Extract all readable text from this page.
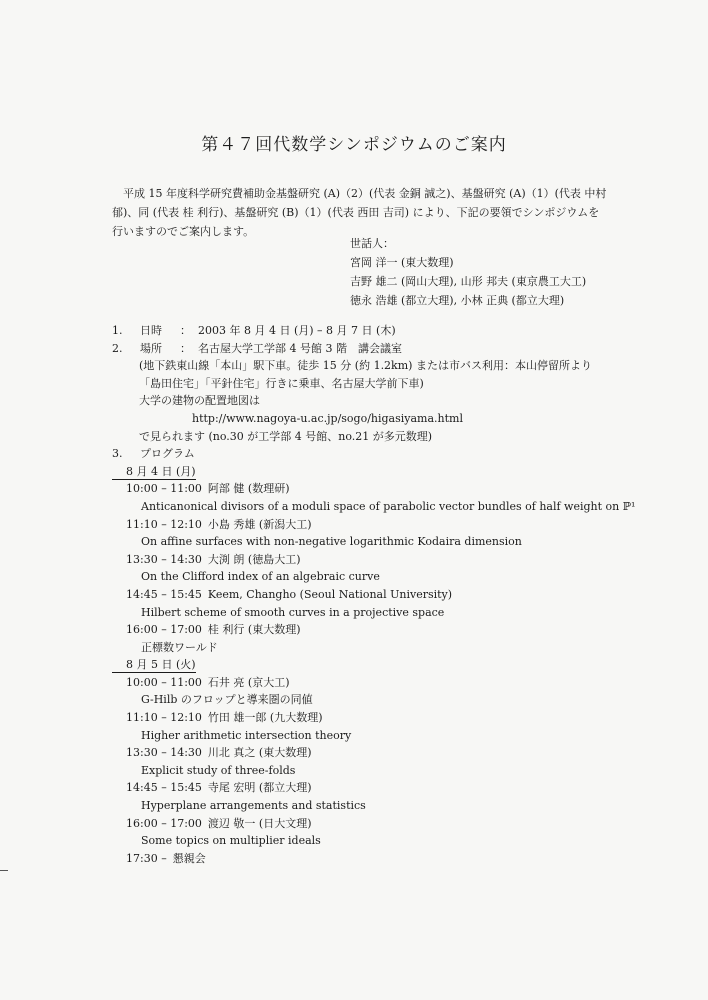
第４７回代数学シンポジウムのご案内

平成 15 年度科学研究費補助金基盤研究 (A)（2）(代表 金銅 誠之)、基盤研究 (A)（1）(代表 中村 郁)、同 (代表 桂 利行)、基盤研究 (B)（1）(代表 西田 吉司) により、下記の要領でシンポジウムを行いますのでご案内します。

世話人：
宮岡 洋一 (東大数理)
吉野 雄二 (岡山大理), 山形 邦夫 (東京農工大工)
徳永 浩雄 (都立大理), 小林 正典 (都立大理)
1.	日時	： 2003 年 8 月 4 日 (月) – 8 月 7 日 (木)
2.	場所	： 名古屋大学工学部 4 号館 3 階　講会議室
(地下鉄東山線「本山」駅下車。徒歩 15 分 (約 1.2km) または市バス利用：本山停留所より
「島田住宅」「平針住宅」行きに乗車、名古屋大学前下車)
大学の建物の配置地図は
http://www.nagoya-u.ac.jp/sogo/higasiyama.html
で見られます (no.30 が工学部 4 号館、no.21 が多元数理)
3.	プログラム
8 月 4 日 (月)
10:00 – 11:00 阿部 健 (数理研)
Anticanonical divisors of a moduli space of parabolic vector bundles of half weight on ℙ¹
11:10 – 12:10 小島 秀雄 (新潟大工)
On affine surfaces with non-negative logarithmic Kodaira dimension
13:30 – 14:30 大渕 朗 (徳島大工)
On the Clifford index of an algebraic curve
14:45 – 15:45 Keem, Changho (Seoul National University)
Hilbert scheme of smooth curves in a projective space
16:00 – 17:00 桂 利行 (東大数理)
正標数ワールド
8 月 5 日 (火)
10:00 – 11:00 石井 亮 (京大工)
G-Hilb のフロップと導来圏の同値
11:10 – 12:10 竹田 雄一郎 (九大数理)
Higher arithmetic intersection theory
13:30 – 14:30 川北 真之 (東大数理)
Explicit study of three-folds
14:45 – 15:45 寺尾 宏明 (都立大理)
Hyperplane arrangements and statistics
16:00 – 17:00 渡辺 敬一 (日大文理)
Some topics on multiplier ideals
17:30 – 懇親会
